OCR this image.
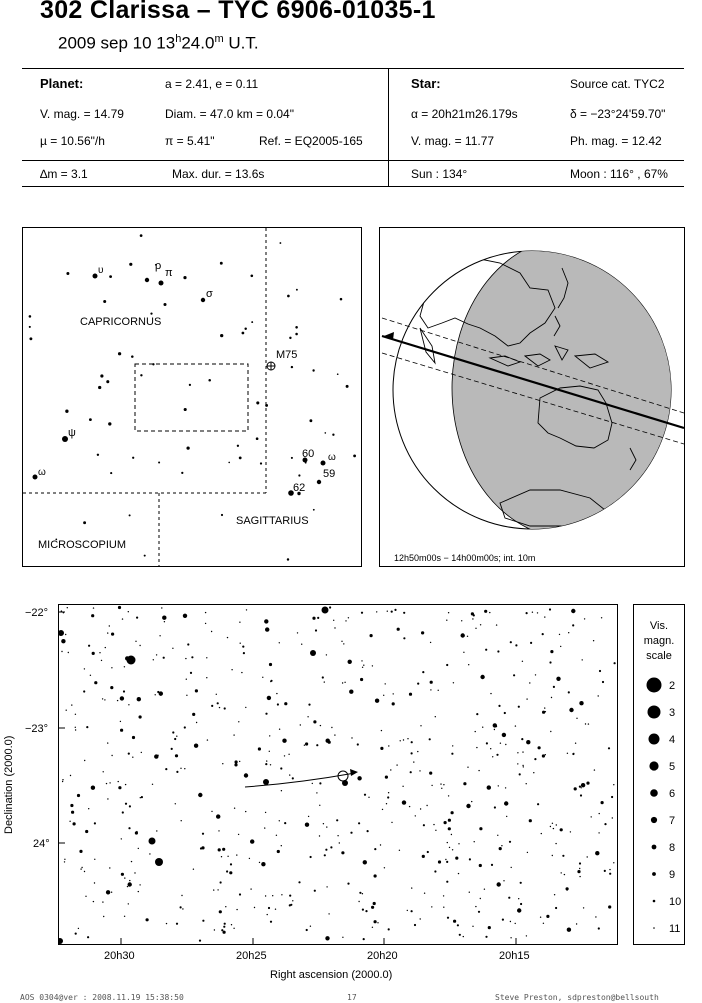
302 Clarissa – TYC 6906-01035-1
2009 sep 10 13$^h$24.0$^m$ U.T.
Planet:	a = 2.41, e = 0.11
V. mag. = 14.79	Diam. = 47.0 km = 0.04"
µ = 10.56"/h	π = 5.41"	Ref. = EQ2005-165
Star:	Source cat. TYC2
α = 20h21m26.179s	δ = −23°24'59.70"
V. mag. = 11.77	Ph. mag. = 12.42
∆m = 3.1	Max. dur. = 13.6s	Sun : 134°	Moon : 116° , 67%
CAPRICORNUS
SAGITTARIUS
MICROSCOPIUM
υ	ρ
π
σ
ψ
ω
ω
M75
60
59
62
12h50m00s − 14h00m00s; int. 10m
20h30	20h25	20h20	20h15
−22°
−23°
24°
Right ascension (2000.0)
Declination (2000.0)
Vis.
magn.
scale
2
3
4
5
6
7
8
9
10
11
AOS 0304@ver : 2008.11.19 15:38:50	17	Steve Preston, sdpreston@bellsouth
